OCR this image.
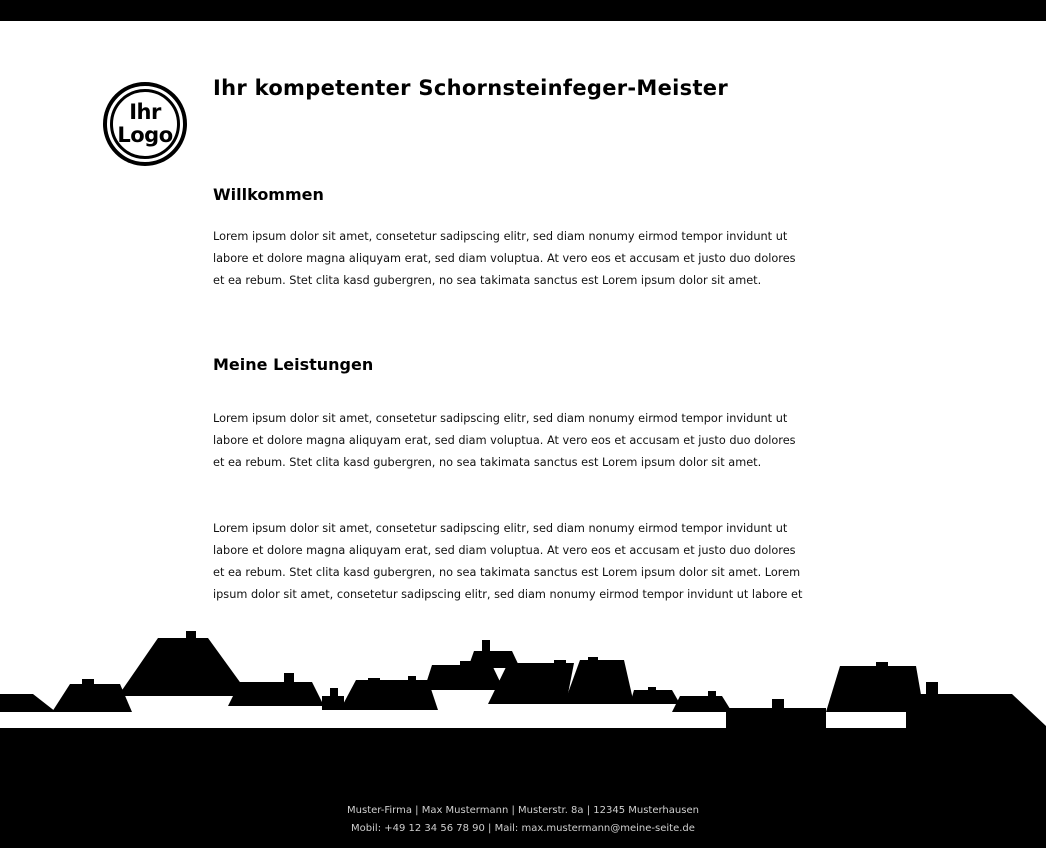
Ihr
Logo
Ihr kompetenter Schornsteinfeger-Meister
Willkommen

Lorem ipsum dolor sit amet, consetetur sadipscing elitr, sed diam nonumy eirmod tempor invidunt ut labore et dolore magna aliquyam erat, sed diam voluptua. At vero eos et accusam et justo duo dolores et ea rebum. Stet clita kasd gubergren, no sea takimata sanctus est Lorem ipsum dolor sit amet.

Meine Leistungen

Lorem ipsum dolor sit amet, consetetur sadipscing elitr, sed diam nonumy eirmod tempor invidunt ut labore et dolore magna aliquyam erat, sed diam voluptua. At vero eos et accusam et justo duo dolores et ea rebum. Stet clita kasd gubergren, no sea takimata sanctus est Lorem ipsum dolor sit amet.

Lorem ipsum dolor sit amet, consetetur sadipscing elitr, sed diam nonumy eirmod tempor invidunt ut labore et dolore magna aliquyam erat, sed diam voluptua. At vero eos et accusam et justo duo dolores et ea rebum. Stet clita kasd gubergren, no sea takimata sanctus est Lorem ipsum dolor sit amet. Lorem ipsum dolor sit amet, consetetur sadipscing elitr, sed diam nonumy eirmod tempor invidunt ut labore et

Muster-Firma | Max Mustermann | Musterstr. 8a | 12345 Musterhausen
Mobil: +49 12 34 56 78 90 | Mail: max.mustermann@meine-seite.de
